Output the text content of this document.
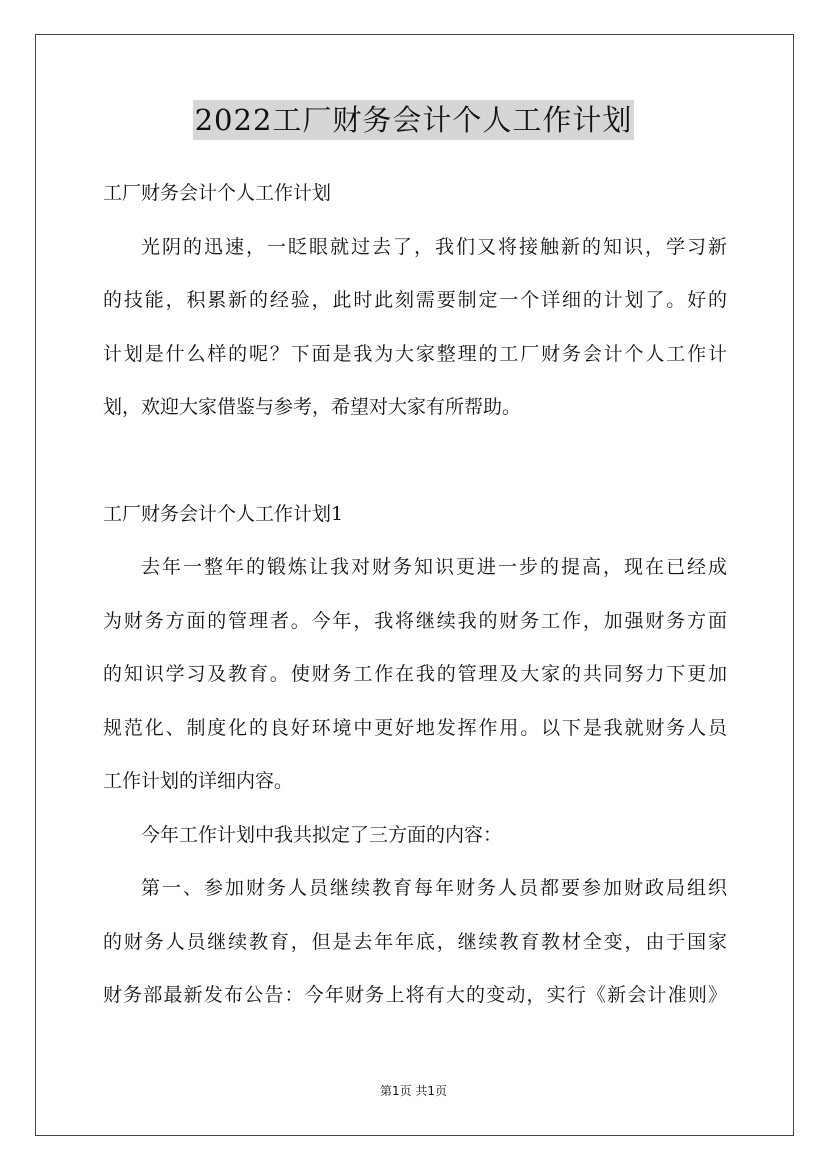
2022工厂财务会计个人工作计划
工厂财务会计个人工作计划
光阴的迅速，一眨眼就过去了，我们又将接触新的知识，学习新
的技能，积累新的经验，此时此刻需要制定一个详细的计划了。好的
计划是什么样的呢？下面是我为大家整理的工厂财务会计个人工作计
划，欢迎大家借鉴与参考，希望对大家有所帮助。
工厂财务会计个人工作计划1
去年一整年的锻炼让我对财务知识更进一步的提高，现在已经成
为财务方面的管理者。今年，我将继续我的财务工作，加强财务方面
的知识学习及教育。使财务工作在我的管理及大家的共同努力下更加
规范化、制度化的良好环境中更好地发挥作用。以下是我就财务人员
工作计划的详细内容。
今年工作计划中我共拟定了三方面的内容：
第一、参加财务人员继续教育每年财务人员都要参加财政局组织
的财务人员继续教育，但是去年年底，继续教育教材全变，由于国家
财务部最新发布公告：今年财务上将有大的变动，实行《新会计准则》
第1页 共1页
